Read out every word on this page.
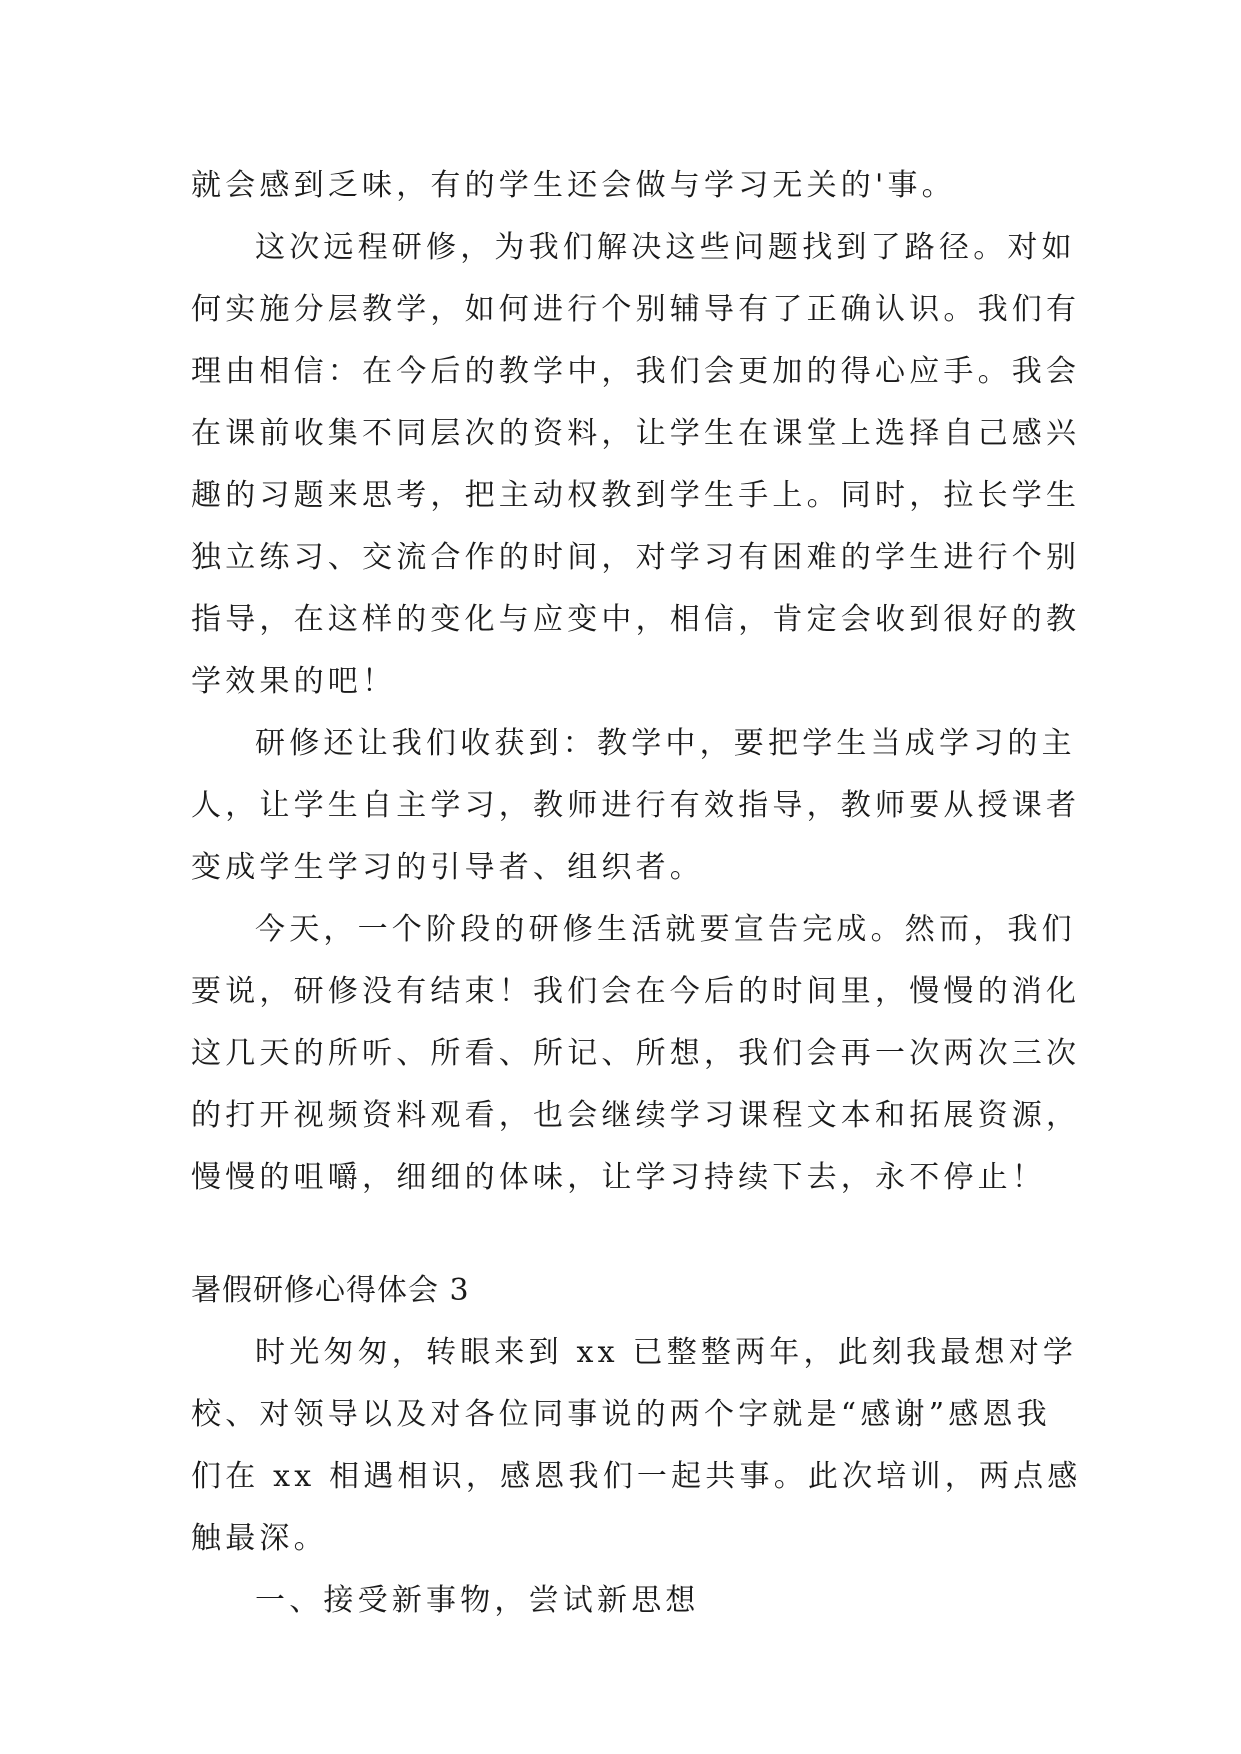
就会感到乏味，有的学生还会做与学习无关的'事。
这次远程研修，为我们解决这些问题找到了路径。对如
何实施分层教学，如何进行个别辅导有了正确认识。我们有
理由相信：在今后的教学中，我们会更加的得心应手。我会
在课前收集不同层次的资料，让学生在课堂上选择自己感兴
趣的习题来思考，把主动权教到学生手上。同时，拉长学生
独立练习、交流合作的时间，对学习有困难的学生进行个别
指导，在这样的变化与应变中，相信，肯定会收到很好的教
学效果的吧！
研修还让我们收获到：教学中，要把学生当成学习的主
人，让学生自主学习，教师进行有效指导，教师要从授课者
变成学生学习的引导者、组织者。
今天，一个阶段的研修生活就要宣告完成。然而，我们
要说，研修没有结束！我们会在今后的时间里，慢慢的消化
这几天的所听、所看、所记、所想，我们会再一次两次三次
的打开视频资料观看，也会继续学习课程文本和拓展资源，
慢慢的咀嚼，细细的体味，让学习持续下去，永不停止！
暑假研修心得体会 3
时光匆匆，转眼来到 xx 已整整两年，此刻我最想对学
校、对领导以及对各位同事说的两个字就是“感谢”感恩我
们在 xx 相遇相识，感恩我们一起共事。此次培训，两点感
触最深。
一、接受新事物，尝试新思想
